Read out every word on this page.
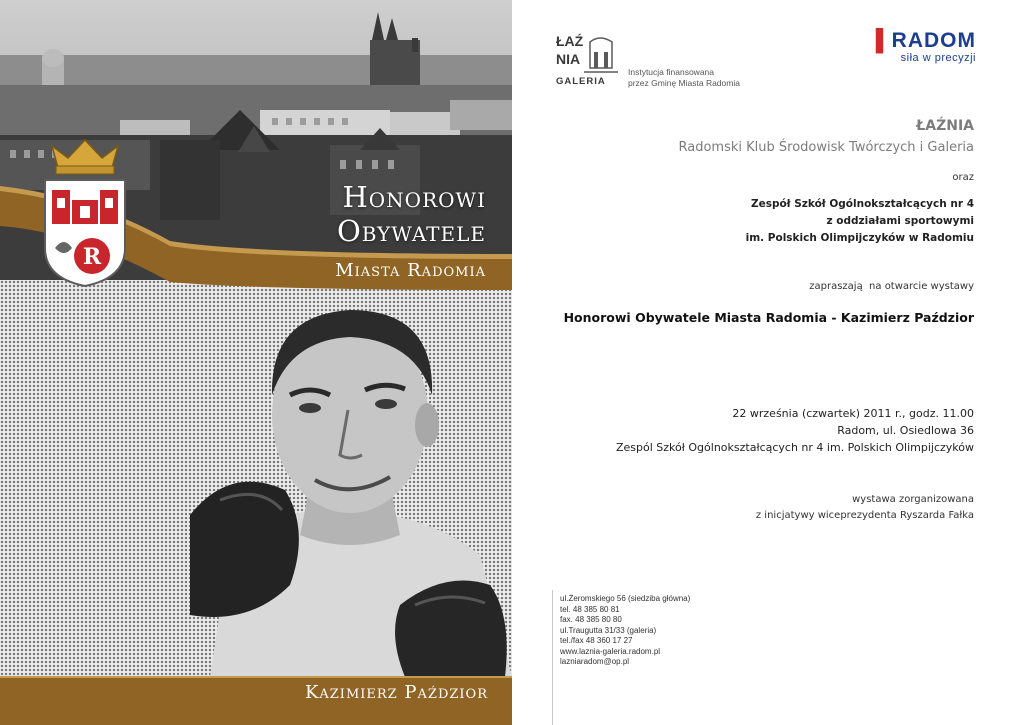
R
Honorowi
Obywatele
Miasta Radomia
Kazimierz Paździor
ŁAŹ
NIA
GALERIA
Instytucja finansowana
przez Gminę Miasta Radomia
▌RADOM
siła w precyzji
ŁAŹNIA
Radomski Klub Środowisk Twórczych i Galeria
oraz
Zespół Szkół Ogólnokształcących nr 4
z oddziałami sportowymi
im. Polskich Olimpijczyków w Radomiu
zapraszają  na otwarcie wystawy
Honorowi Obywatele Miasta Radomia - Kazimierz Paździor
22 września (czwartek) 2011 r., godz. 11.00
Radom, ul. Osiedlowa 36
Zespól Szkół Ogólnokształcących nr 4 im. Polskich Olimpijczyków
wystawa zorganizowana
z inicjatywy wiceprezydenta Ryszarda Fałka
ul.Żeromskiego 56 (siedziba główna)
tel. 48 385 80 81
fax. 48 385 80 80
ul.Traugutta 31/33 (galeria)
tel./fax 48 360 17 27
www.laznia-galeria.radom.pl
lazniaradom@op.pl
